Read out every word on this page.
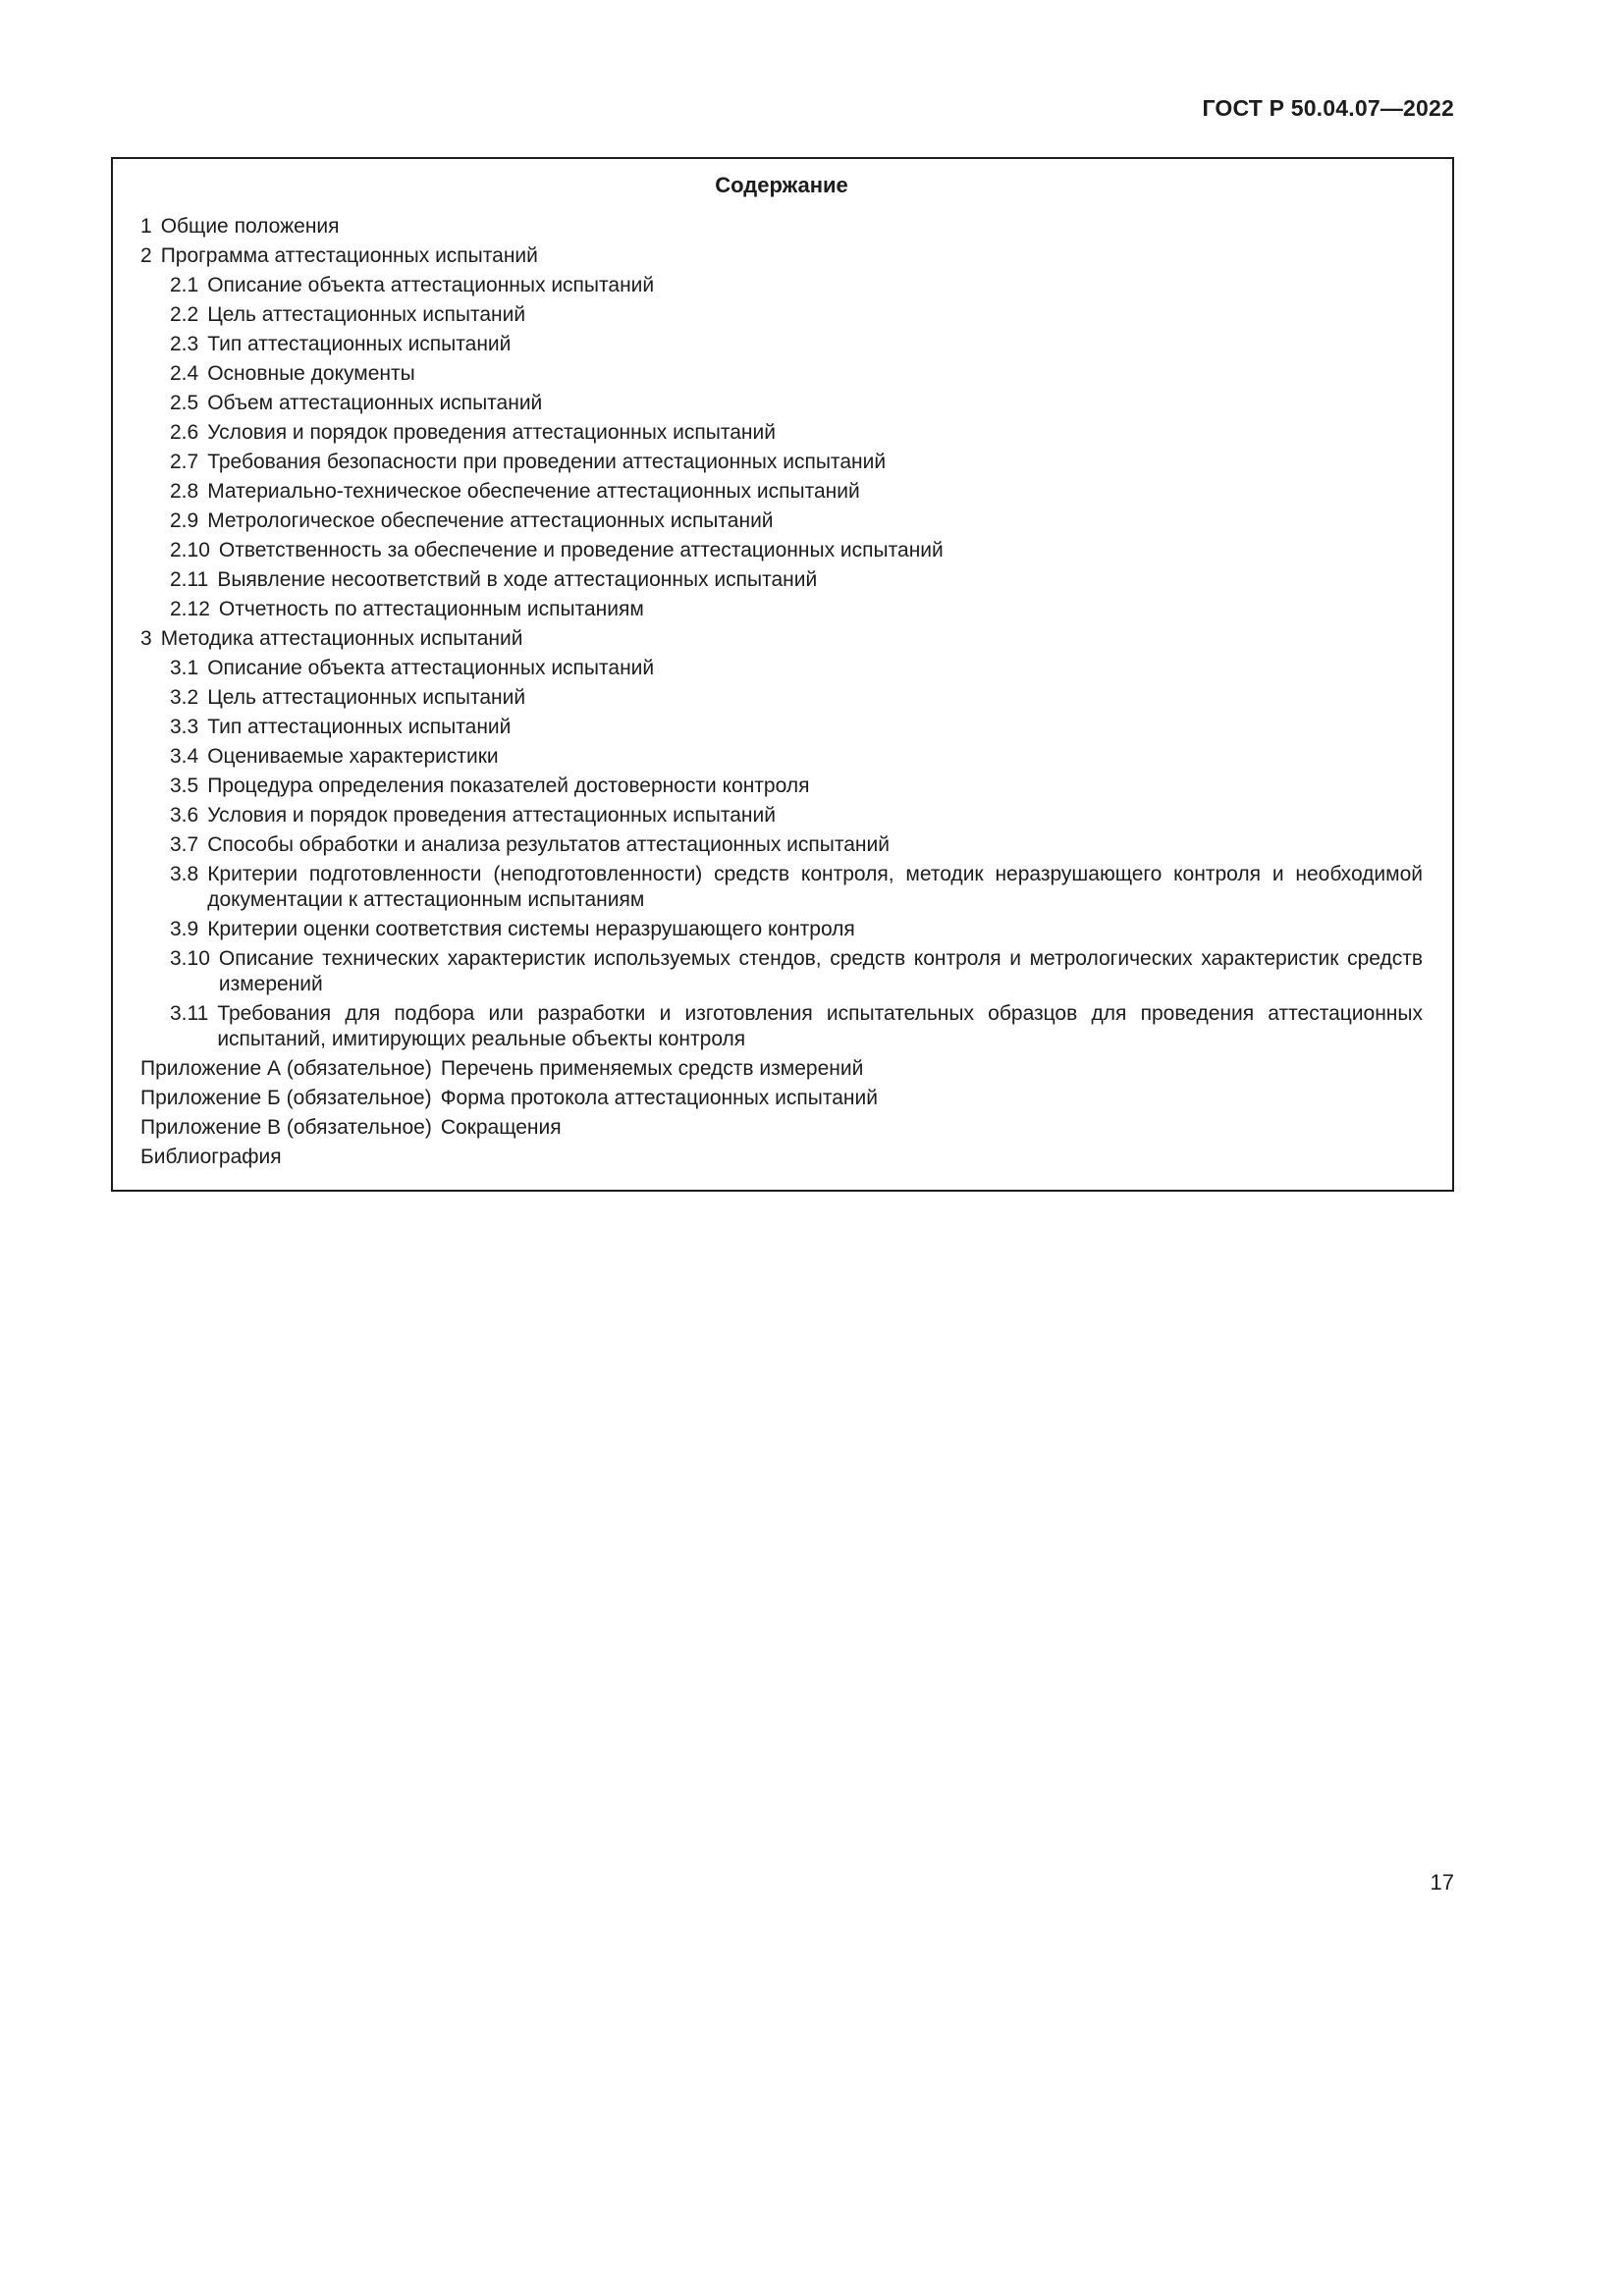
ГОСТ Р 50.04.07—2022
Содержание
1 Общие положения
2 Программа аттестационных испытаний
2.1 Описание объекта аттестационных испытаний
2.2 Цель аттестационных испытаний
2.3 Тип аттестационных испытаний
2.4 Основные документы
2.5 Объем аттестационных испытаний
2.6 Условия и порядок проведения аттестационных испытаний
2.7 Требования безопасности при проведении аттестационных испытаний
2.8 Материально-техническое обеспечение аттестационных испытаний
2.9 Метрологическое обеспечение аттестационных испытаний
2.10 Ответственность за обеспечение и проведение аттестационных испытаний
2.11 Выявление несоответствий в ходе аттестационных испытаний
2.12 Отчетность по аттестационным испытаниям
3 Методика аттестационных испытаний
3.1 Описание объекта аттестационных испытаний
3.2 Цель аттестационных испытаний
3.3 Тип аттестационных испытаний
3.4 Оцениваемые характеристики
3.5 Процедура определения показателей достоверности контроля
3.6 Условия и порядок проведения аттестационных испытаний
3.7 Способы обработки и анализа результатов аттестационных испытаний
3.8 Критерии подготовленности (неподготовленности) средств контроля, методик неразрушающего контроля и необходимой документации к аттестационным испытаниям
3.9 Критерии оценки соответствия системы неразрушающего контроля
3.10 Описание технических характеристик используемых стендов, средств контроля и метрологических характеристик средств измерений
3.11 Требования для подбора или разработки и изготовления испытательных образцов для проведения аттестационных испытаний, имитирующих реальные объекты контроля
Приложение А (обязательное) Перечень применяемых средств измерений
Приложение Б (обязательное) Форма протокола аттестационных испытаний
Приложение В (обязательное) Сокращения
Библиография
17
